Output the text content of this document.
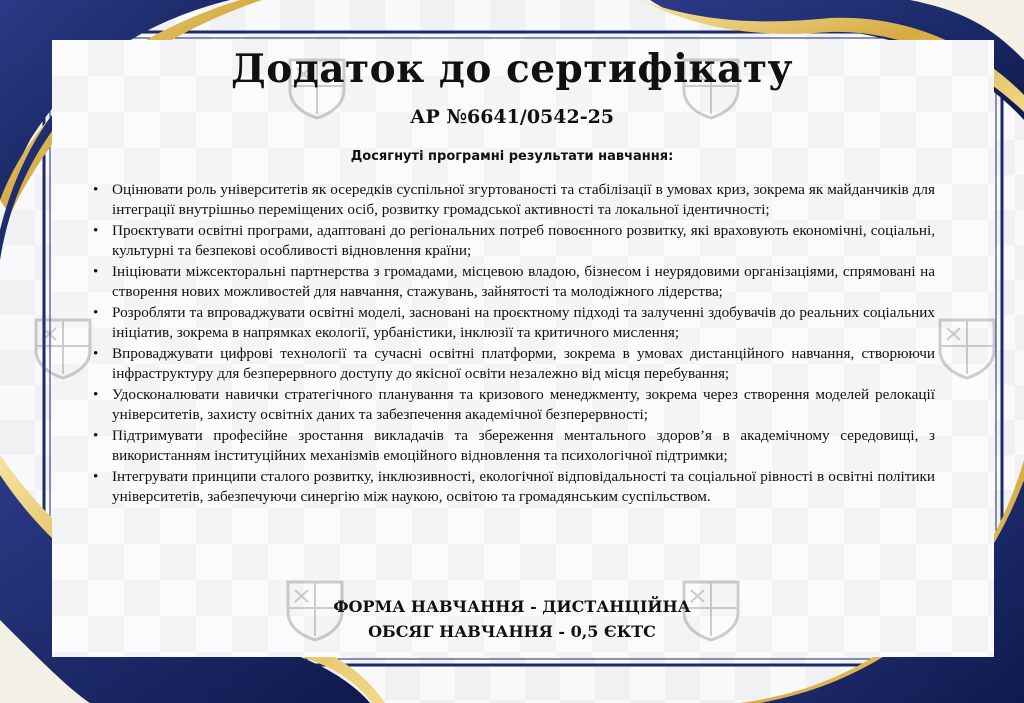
Додаток до сертифікату
АР №6641/0542-25
Досягнуті програмні результати навчання:
• Оцінювати роль університетів як осередків суспільної згуртованості та стабілізації в умовах криз, зокрема як майданчиків для інтеграції внутрішньо переміщених осіб, розвитку громадської активності та локальної ідентичності;
• Проєктувати освітні програми, адаптовані до регіональних потреб повоєнного розвитку, які враховують економічні, соціальні, культурні та безпекові особливості відновлення країни;
• Ініціювати міжсекторальні партнерства з громадами, місцевою владою, бізнесом і неурядовими організаціями, спрямовані на створення нових можливостей для навчання, стажувань, зайнятості та молодіжного лідерства;
• Розробляти та впроваджувати освітні моделі, засновані на проєктному підході та залученні здобувачів до реальних соціальних ініціатив, зокрема в напрямках екології, урбаністики, інклюзії та критичного мислення;
• Впроваджувати цифрові технології та сучасні освітні платформи, зокрема в умовах дистанційного навчання, створюючи інфраструктуру для безперервного доступу до якісної освіти незалежно від місця перебування;
• Удосконалювати навички стратегічного планування та кризового менеджменту, зокрема через створення моделей релокації університетів, захисту освітніх даних та забезпечення академічної безперервності;
• Підтримувати професійне зростання викладачів та збереження ментального здоров’я в академічному середовищі, з використанням інституційних механізмів емоційного відновлення та психологічної підтримки;
• Інтегрувати принципи сталого розвитку, інклюзивності, екологічної відповідальності та соціальної рівності в освітні політики університетів, забезпечуючи синергію між наукою, освітою та громадянським суспільством.
ФОРМА НАВЧАННЯ - ДИСТАНЦІЙНА
ОБСЯГ НАВЧАННЯ - 0,5 ЄКТС
